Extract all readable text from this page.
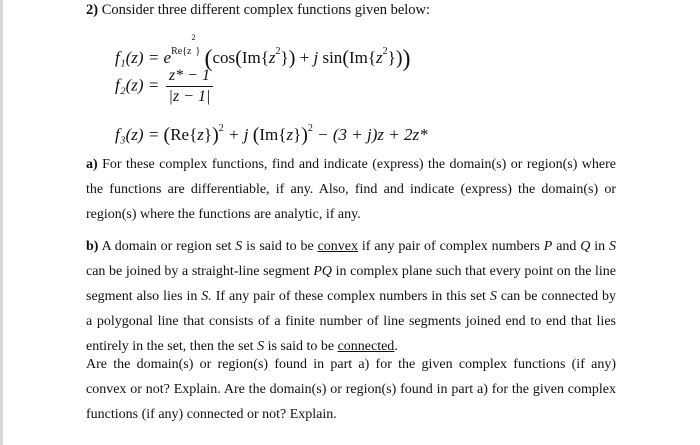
2) Consider three different complex functions given below:
$f_1(z) = e^{Re\{z^2\}}$ ($\cos(Im\{z^2\}) + j$ $\sin(Im\{z^2\})$)
$f_2(z) = \frac{z* - 1}{|z - 1|}$
$f_3(z) = (Re\{z\})^2 + j$ $(Im\{z\})^2 - (3 + j)z + 2z*$
a) For these complex functions, find and indicate (express) the domain(s) or region(s) where
the functions are differentiable, if any. Also, find and indicate (express) the domain(s) or
region(s) where the functions are analytic, if any.
b) A domain or region set S is said to be convex if any pair of complex numbers P and Q in S
can be joined by a straight-line segment PQ in complex plane such that every point on the line
segment also lies in S. If any pair of these complex numbers in this set S can be connected by
a polygonal line that consists of a finite number of line segments joined end to end that lies
entirely in the set, then the set S is said to be connected.
Are the domain(s) or region(s) found in part a) for the given complex functions (if any)
convex or not? Explain. Are the domain(s) or region(s) found in part a) for the given complex
functions (if any) connected or not? Explain.
